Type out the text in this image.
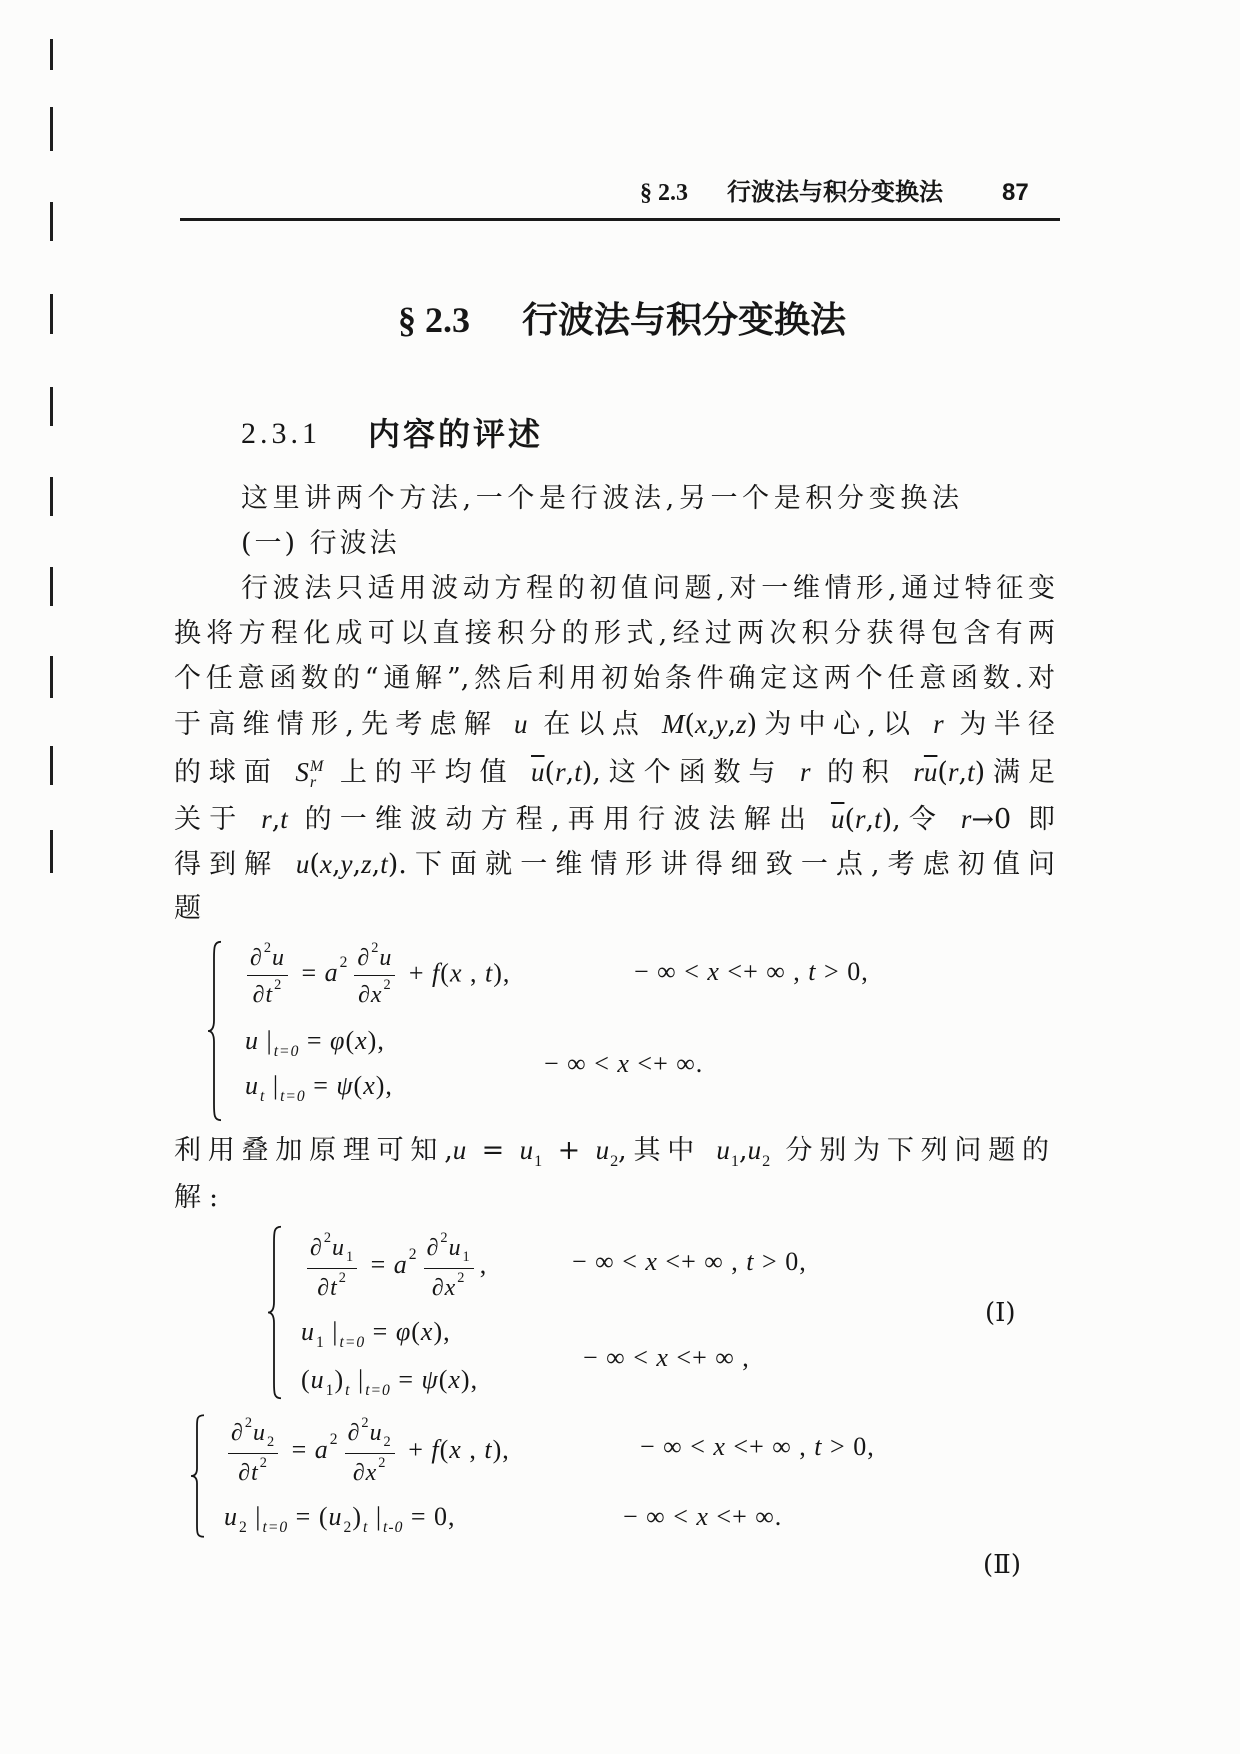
§ 2.3 行波法与积分变换法 87
§ 2.3 行波法与积分变换法
2.3.1 内容的评述
这里讲两个方法,一个是行波法,另一个是积分变换法
(一) 行波法
行波法只适用波动方程的初值问题,对一维情形,通过特征变
换将方程化成可以直接积分的形式,经过两次积分获得包含有两
个任意函数的“通解”,然后利用初始条件确定这两个任意函数.对
于高维情形,先考虑解 u 在以点 M(x,y,z)为中心,以 r 为半径
的球面 S M
r 上的平均值 $\overline{u}(r,t)$,这个函数与 r 的积 $r\overline{u}(r,t)$满足
关于 r,t 的一维波动方程,再用行波法解出 $\overline{u}(r,t)$,令 r→0 即
得到解 u(x,y,z,t).下面就一维情形讲得细致一点,考虑初值问
题
$\frac{\partial^2u}{\partial t^2} = a^2 \frac{\partial^2u}{\partial x^2} + f(x$ , t),	− ∞ < x <+ ∞ , t > 0,
u $|_{t=0} = \varphi(x)$,
$u_t$ $|_{t=0} = \psi(x)$,
− ∞ < x <+ ∞.
利用叠加原理可知$,u = u_1 + u_2$,其中 $u_1,u_2$ 分别为下列问题的
解:
$\frac{\partial^2u_1}{\partial t^2} = a^2 \frac{\partial^2u_1}{\partial x^2}$ ,	− ∞ < x <+ ∞ , t > 0,
$u_1$ $|_{t=0} = \varphi(x)$,
$(u_1)_t$ $|_{t=0} = \psi(x)$,
− ∞ < x <+ ∞ ,
(Ⅰ)
$\frac{\partial^2u_2}{\partial t^2} = a^2 \frac{\partial^2u_2}{\partial x^2} + f(x$ , t),	− ∞ < x <+ ∞ , t > 0,
$u_2$ $|_{t=0} = (u_2)_t$ $|_{t-0} = 0$,	− ∞ < x <+ ∞.
(Ⅱ)
